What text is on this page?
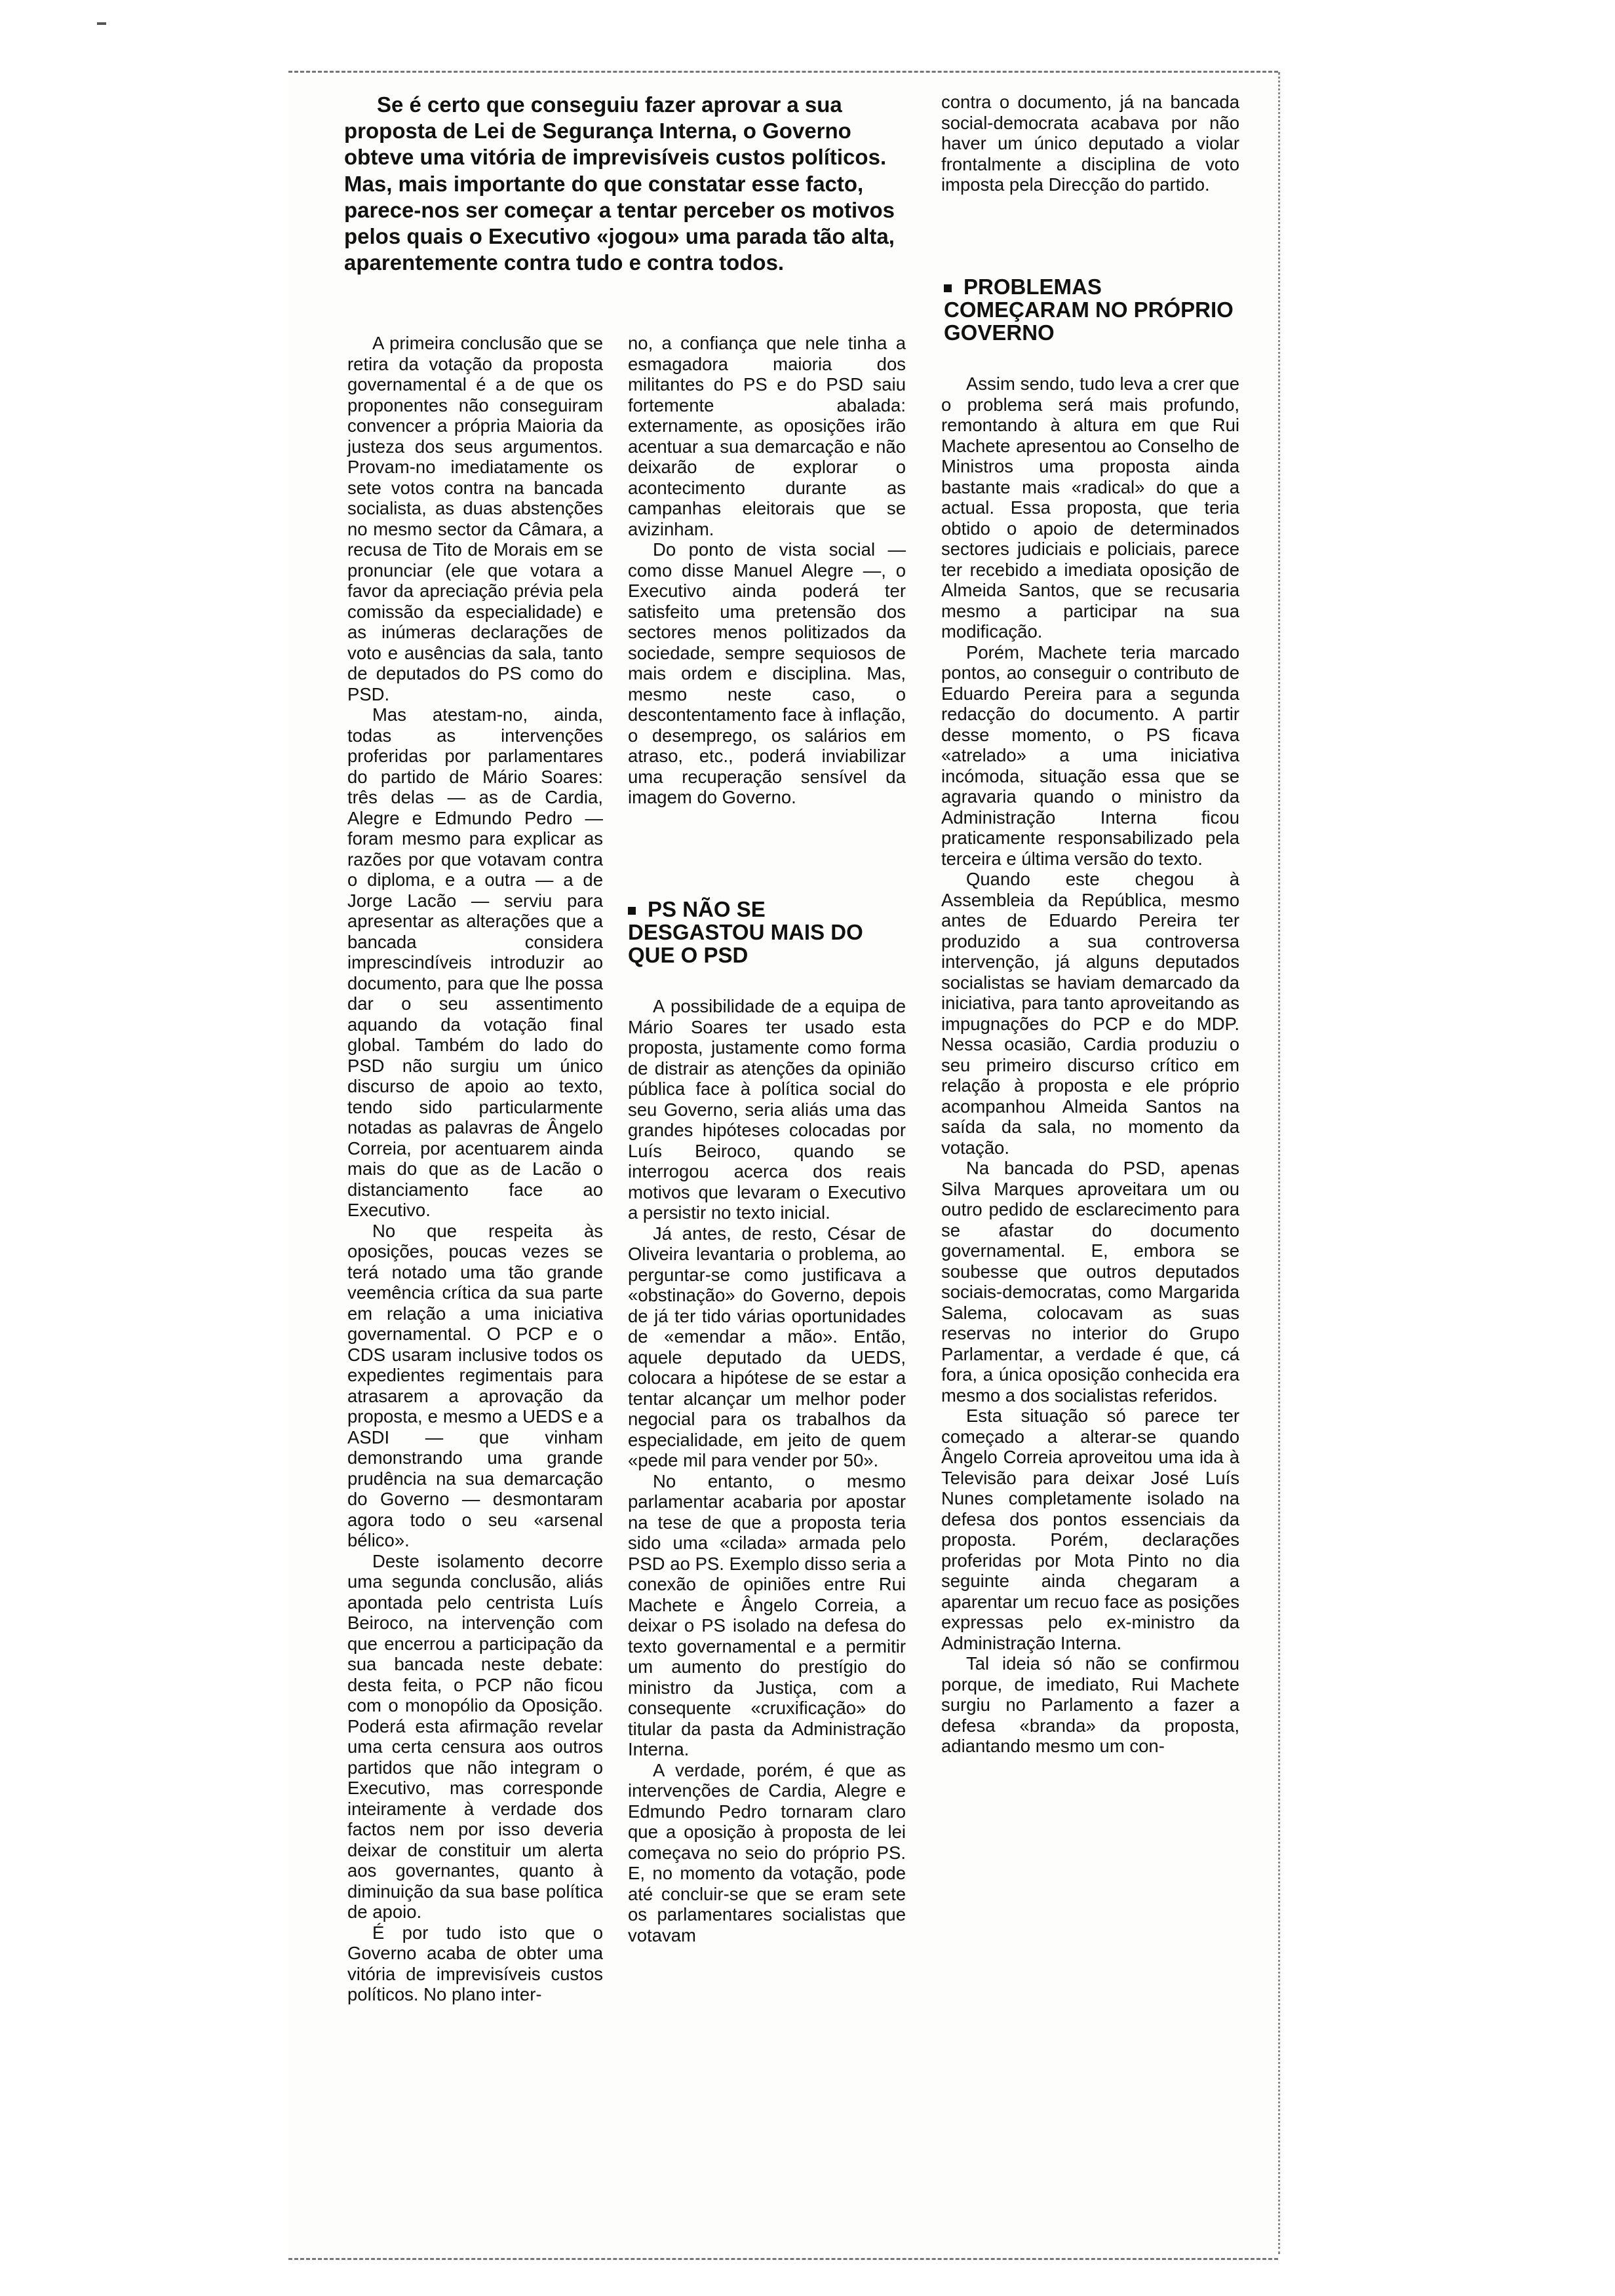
Se é certo que conseguiu fazer aprovar a sua proposta de Lei de Segurança Interna, o Governo obteve uma vitória de imprevisíveis custos políticos. Mas, mais importante do que constatar esse facto, parece-nos ser começar a tentar perceber os motivos pelos quais o Executivo «jogou» uma parada tão alta, aparentemente contra tudo e contra todos.

A primeira conclusão que se retira da votação da proposta governamental é a de que os proponentes não conseguiram convencer a própria Maioria da justeza dos seus argumentos. Provam-no imediatamente os sete votos contra na bancada socialista, as duas abstenções no mesmo sector da Câmara, a recusa de Tito de Morais em se pronunciar (ele que votara a favor da apreciação prévia pela comissão da especialidade) e as inúmeras declarações de voto e ausências da sala, tanto de deputados do PS como do PSD.

Mas atestam-no, ainda, todas as intervenções proferidas por parlamentares do partido de Mário Soares: três delas — as de Cardia, Alegre e Edmundo Pedro — foram mesmo para explicar as razões por que votavam contra o diploma, e a outra — a de Jorge Lacão — serviu para apresentar as alterações que a bancada considera imprescindíveis introduzir ao documento, para que lhe possa dar o seu assentimento aquando da votação final global. Também do lado do PSD não surgiu um único discurso de apoio ao texto, tendo sido particularmente notadas as palavras de Ângelo Correia, por acentuarem ainda mais do que as de Lacão o distanciamento face ao Executivo.

No que respeita às oposições, poucas vezes se terá notado uma tão grande veemência crítica da sua parte em relação a uma iniciativa governamental. O PCP e o CDS usaram inclusive todos os expedientes regimentais para atrasarem a aprovação da proposta, e mesmo a UEDS e a ASDI — que vinham demonstrando uma grande prudência na sua demarcação do Governo — desmontaram agora todo o seu «arsenal bélico».

Deste isolamento decorre uma segunda conclusão, aliás apontada pelo centrista Luís Beiroco, na intervenção com que encerrou a participação da sua bancada neste debate: desta feita, o PCP não ficou com o monopólio da Oposição. Poderá esta afirmação revelar uma certa censura aos outros partidos que não integram o Executivo, mas corresponde inteiramente à verdade dos factos nem por isso deveria deixar de constituir um alerta aos governantes, quanto à diminuição da sua base política de apoio.

É por tudo isto que o Governo acaba de obter uma vitória de imprevisíveis custos políticos. No plano inter-

no, a confiança que nele tinha a esmagadora maioria dos militantes do PS e do PSD saiu fortemente abalada: externamente, as oposições irão acentuar a sua demarcação e não deixarão de explorar o acontecimento durante as campanhas eleitorais que se avizinham.

Do ponto de vista social — como disse Manuel Alegre —, o Executivo ainda poderá ter satisfeito uma pretensão dos sectores menos politizados da sociedade, sempre sequiosos de mais ordem e disciplina. Mas, mesmo neste caso, o descontentamento face à inflação, o desemprego, os salários em atraso, etc., poderá inviabilizar uma recuperação sensível da imagem do Governo.

PS NÃO SE DESGASTOU MAIS DO QUE O PSD

A possibilidade de a equipa de Mário Soares ter usado esta proposta, justamente como forma de distrair as atenções da opinião pública face à política social do seu Governo, seria aliás uma das grandes hipóteses colocadas por Luís Beiroco, quando se interrogou acerca dos reais motivos que levaram o Executivo a persistir no texto inicial.

Já antes, de resto, César de Oliveira levantaria o problema, ao perguntar-se como justificava a «obstinação» do Governo, depois de já ter tido várias oportunidades de «emendar a mão». Então, aquele deputado da UEDS, colocara a hipótese de se estar a tentar alcançar um melhor poder negocial para os trabalhos da especialidade, em jeito de quem «pede mil para vender por 50».

No entanto, o mesmo parlamentar acabaria por apostar na tese de que a proposta teria sido uma «cilada» armada pelo PSD ao PS. Exemplo disso seria a conexão de opiniões entre Rui Machete e Ângelo Correia, a deixar o PS isolado na defesa do texto governamental e a permitir um aumento do prestígio do ministro da Justiça, com a consequente «cruxificação» do titular da pasta da Administração Interna.

A verdade, porém, é que as intervenções de Cardia, Alegre e Edmundo Pedro tornaram claro que a oposição à proposta de lei começava no seio do próprio PS. E, no momento da votação, pode até concluir-se que se eram sete os parlamentares socialistas que votavam

contra o documento, já na bancada social-democrata acabava por não haver um único deputado a violar frontalmente a disciplina de voto imposta pela Direcção do partido.

PROBLEMAS COMEÇARAM NO PRÓPRIO GOVERNO

Assim sendo, tudo leva a crer que o problema será mais profundo, remontando à altura em que Rui Machete apresentou ao Conselho de Ministros uma proposta ainda bastante mais «radical» do que a actual. Essa proposta, que teria obtido o apoio de determinados sectores judiciais e policiais, parece ter recebido a imediata oposição de Almeida Santos, que se recusaria mesmo a participar na sua modificação.

Porém, Machete teria marcado pontos, ao conseguir o contributo de Eduardo Pereira para a segunda redacção do documento. A partir desse momento, o PS ficava «atrelado» a uma iniciativa incómoda, situação essa que se agravaria quando o ministro da Administração Interna ficou praticamente responsabilizado pela terceira e última versão do texto.

Quando este chegou à Assembleia da República, mesmo antes de Eduardo Pereira ter produzido a sua controversa intervenção, já alguns deputados socialistas se haviam demarcado da iniciativa, para tanto aproveitando as impugnações do PCP e do MDP. Nessa ocasião, Cardia produziu o seu primeiro discurso crítico em relação à proposta e ele próprio acompanhou Almeida Santos na saída da sala, no momento da votação.

Na bancada do PSD, apenas Silva Marques aproveitara um ou outro pedido de esclarecimento para se afastar do documento governamental. E, embora se soubesse que outros deputados sociais-democratas, como Margarida Salema, colocavam as suas reservas no interior do Grupo Parlamentar, a verdade é que, cá fora, a única oposição conhecida era mesmo a dos socialistas referidos.

Esta situação só parece ter começado a alterar-se quando Ângelo Correia aproveitou uma ida à Televisão para deixar José Luís Nunes completamente isolado na defesa dos pontos essenciais da proposta. Porém, declarações proferidas por Mota Pinto no dia seguinte ainda chegaram a aparentar um recuo face as posições expressas pelo ex-ministro da Administração Interna.

Tal ideia só não se confirmou porque, de imediato, Rui Machete surgiu no Parlamento a fazer a defesa «branda» da proposta, adiantando mesmo um con-
